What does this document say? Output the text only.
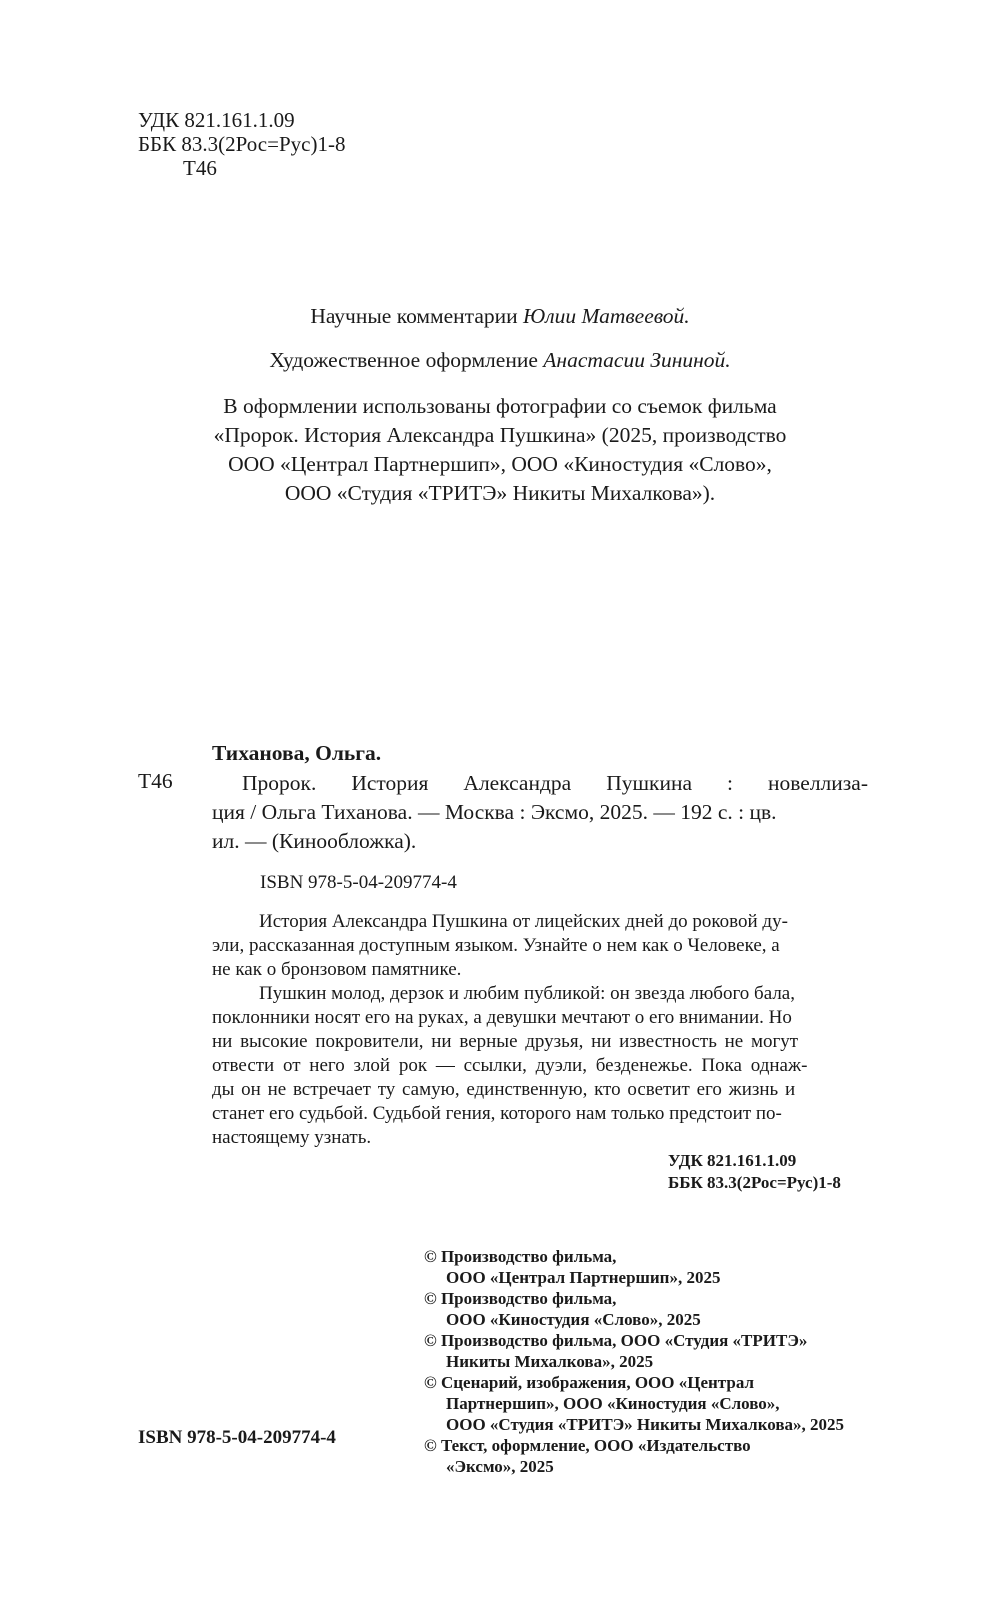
УДК 821.161.1.09
ББК 83.3(2Рос=Рус)1-8
Т46
Научные комментарии Юлии Матвеевой.
Художественное оформление Анастасии Зининой.
В оформлении использованы фотографии со съемок фильма
«Пророк. История Александра Пушкина» (2025, производство
ООО «Централ Партнершип», ООО «Киностудия «Слово»,
ООО «Студия «ТРИТЭ» Никиты Михалкова»).
Тиханова, Ольга.
Т46	Пророк. История Александра Пушкина : новеллиза-
ция / Ольга Тиханова. — Москва : Эксмо, 2025. — 192 с. : цв.
ил. — (Кинообложка).
ISBN 978-5-04-209774-4
История Александра Пушкина от лицейских дней до роковой ду-
эли, рассказанная доступным языком. Узнайте о нем как о Человеке, а
не как о бронзовом памятнике.
Пушкин молод, дерзок и любим публикой: он звезда любого бала,
поклонники носят его на руках, а девушки мечтают о его внимании. Но
ни высокие покровители, ни верные друзья, ни известность не могут
отвести от него злой рок — ссылки, дуэли, безденежье. Пока однаж-
ды он не встречает ту самую, единственную, кто осветит его жизнь и
станет его судьбой. Судьбой гения, которого нам только предстоит по-
настоящему узнать.
УДК 821.161.1.09
ББК 83.3(2Рос=Рус)1-8
© Производство фильма,
ООО «Централ Партнершип», 2025
© Производство фильма,
ООО «Киностудия «Слово», 2025
© Производство фильма, ООО «Студия «ТРИТЭ»
Никиты Михалкова», 2025
© Сценарий, изображения, ООО «Централ
Партнершип», ООО «Киностудия «Слово»,
ООО «Студия «ТРИТЭ» Никиты Михалкова», 2025
© Текст, оформление, ООО «Издательство
«Эксмо», 2025
ISBN 978-5-04-209774-4
